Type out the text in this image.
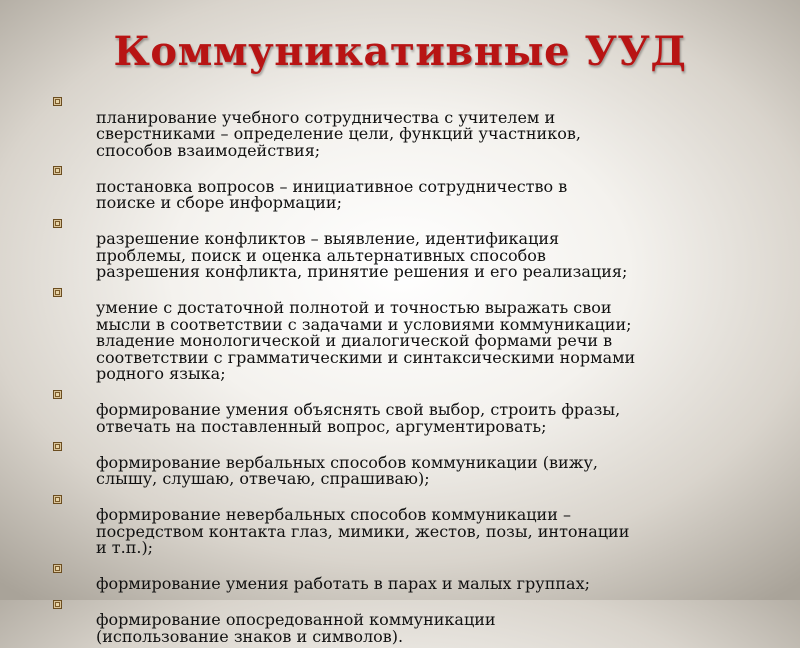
Коммуникативные УУД

планирование учебного сотрудничества с учителем и
сверстниками – определение цели, функций участников,
способов взаимодействия;

постановка вопросов – инициативное сотрудничество в
поиске и сборе информации;

разрешение конфликтов – выявление, идентификация
проблемы, поиск и оценка альтернативных способов
разрешения конфликта, принятие решения и его реализация;

умение с достаточной полнотой и точностью выражать свои
мысли в соответствии с задачами и условиями коммуникации;
владение монологической и диалогической формами речи в
соответствии с грамматическими и синтаксическими нормами
родного языка;

формирование умения объяснять свой выбор, строить фразы,
отвечать на поставленный вопрос, аргументировать;

формирование вербальных способов коммуникации (вижу,
слышу, слушаю, отвечаю, спрашиваю);

формирование невербальных способов коммуникации –
посредством контакта глаз, мимики, жестов, позы, интонации
и т.п.);

формирование умения работать в парах и малых группах;

формирование опосредованной коммуникации
(использование знаков и символов).
